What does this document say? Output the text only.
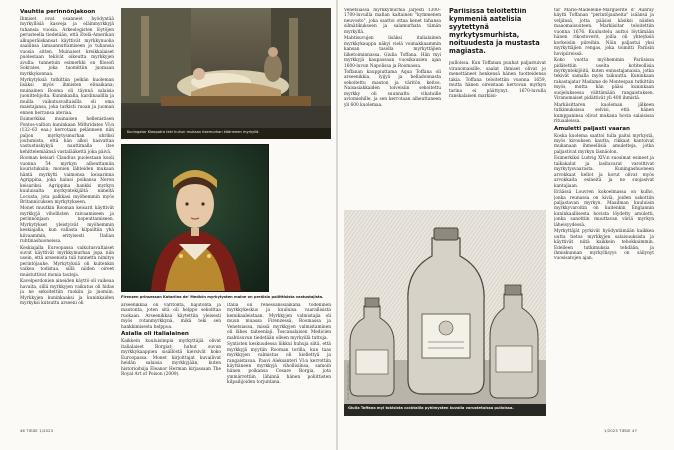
Vauhtia perinnönjakoon

Ihmiset ovat osanneet hyödyntää myrkyllisiä kasveja ja eläinmyrkkyjä tuhansia vuosia. Arkeologisten löytöjen perusteella tiedetään, että Etelä-Amerikan alkuperäiskansat käyttivät myrkkynuolia saaliinsa lamaannuttamiseen jo tuhansia vuosia sitten. Muinaiset kreikkalaiset puolestaan tekivät oikeutta myrkkyjen avulla: tunnetuin esimerkki on filosofi Sokrates, joka tuomittiin juomaan myrkkykonnaa.

Myrkytyksiä tutkittiin pelkän kuoleman lisäksi myös ihmisten elinaikana; muinainen Rooma oli täynnä salaisia juonittelijoita. Kuninkaalla, kardinaalilla ja muilla vaikutusvaltaisilla oli oma maistajansa, joka tarkisti ruoan ja juoman ennen herransa ateriaa.

Esimerkiksi muinaisen hellenistisen Pontos-valtion kuninkaan Mithridates VI:n (132–63 eaa.) kerrotaan pelänneen niin paljon myrkytysmurhan uhriksi joutumista, että hän alkoi kasvattaa vastustuskykyä nauttimalla itse kehittelemäänsä vastalääkettä joka päivä.

Rooman keisari Claudius puolestaan kuoli vuonna 54 myrkyn aiheuttamiin kouristuksiin; monien lähteiden mukaan häntä myrkytti vaimonsa keisarinna Agrippina, joka halusi poikansa Neron keisariksi. Agrippina hankki myrkyn kuuluisalta myrkyntekijältä nimeltä Locusta, jota palkkasi myöhemmin myös Britannicuksen myrkytykseen.

Monet muutkin Rooman keisarit käyttivät myrkkyjä vihollisten raivaamiseen ja perinnönjaon nopeuttamiseen. Myrkytykset yleistyivät myöhemmin keskiajalla, kun vallasta kilpailtiin yhä kiivaammin, erityisesti Italian ruhtinashuoneissa.

Keskiajalla Euroopassa vaikutusvaltaiset suvut käyttivät myrkkymurhaa jopa niin usein, että arseenista tuli tunnettu nimitys perintöjauhe. Myrkytyksiä oli kuitenkin vaikea todistaa, sillä niiden oireet muistuttivat monia tauteja.

Kavelperdonien aineiden käyttö oli vaikeaa havaita, sillä myrkkyjen vaikutus oli hidas ja ne sekoitettiin ruokiin ja juomiin. Myrkkyjen kuninkaaksi ja kuninkaiden myrkyksi kutsuttu arseeni oli

Kuningatar Kleopatra teki huhun mukaan itsemurhan käärmeen myrkyllä.
Firenzen prinsessan Katariina de' Medicin myrkytysten maine on peräisin poliittisista vastustajista.

arseenikkaa oli väritöntä, hajutonta ja mautonta, joten sitä oli helppo sekoittaa ruokaan. Arseenikkaa käytettiin yleisesti myös rotanmyrkkynä, mikä teki sen hankkimisesta helppoa.

Asialla oli italialainen

Kaikkein kuuluisimpia myrkyttäjiä olivat italialaiset Borgiat; huhut suvun myrkkykaappien sisällöstä kiersivät koko Euroopassa. Monet kirjoittajat kuvailivat heidän salaisia myrkkyjään, kuten historioitsija Eleanor Herman kirjassaan The Royal Art of Poison (2009).

Italia oli renessanssiaikana todellinen myrkkykeskus ja kuuluisa vaarallisista kemikaaleistaan. Myrkkyjen valmistajia oli muun muassa Firenzessä, Roomassa ja Venetsiassa, missä myrkkyjen valmistaminen oli lähes taiteenlaji. Toscanalaisen Medicien mahtisuvun tiedetään olleen myrkyillä tuttuja.

Syntisten keskuudessa liikkui huhuja siitä, että myrkkyjä myytiin Rooman torilla, kun taas myrkkyjen valmistus oli kiellettyä ja rangaistavaa. Paavi Aleksanteri VI:n kerrottiin käyttäneen myrkkyjä vihollisiinsa, samoin hänen poikansa Cesare Borgia, jota ymmärrettiin lähinnä hänen poliittisten kilpailijoiden torjuntana.

46 TIEDE 1/2023

Venetsiassa myrkkymurhia järjesti 1300–1700-luvuilla mafian kaltainen "kymmenen neuvosto", joka saattoi ottaa kenet tahansa silmätikukseen ja salamurhata tämän myrkyllä.

Mahtisuvujen lisäksi italialainen myrkkykauppa näkyi vielä voimakkaammin kansan tasolla myrkyttäjien liiketoiminnassa. Giulia Toffana. Hän myi myrkkyjä kaupassaan vuosikausien ajan 1600-luvun Napolissa ja Roomassa.

Toffanan kauppiuttama Aqua Toffana oli arseenikkia, lyijyä ja belladonnasta sekoitettu mauton ja väritön keitos. Naisasiakkaiden toiveisiin sekoitettu myrkky oli suunnattu vihatuille aviomiehille, ja sen kerrotaan aiheuttaneen yli 600 kuolemaa.

Pariisissa teloitettiin kymmeniä aatelisia syytettynä myrkytysmurhista, noituudesta ja mustasta magiasta.

pulloissa. Kun Toffanan puuhat paljastuivat viranomaisille, saalat ihmiset olivat jo menettäneet henkensä hänen tuotteidensa takia. Toffana teloitettiin vuonna 1659, mutta hänen oireistaan kertovan myrkyn tarina ei päättynyt. 1670-luvulla ranskalaisen markiisi-

tar Marie-Madeleine-Marguerite d' Aubray käytti Toffanan "perintöjauheita" isäänsä ja veljiinsä, jotta pääsisi käsiksi näiden maaomaisuuteen. Markiisitar teloitettiin vuonna 1676. Kuulustelu auttoi löytämään hänen rikostoverit, joilla oli yhteyksiä korkeisiin piireihin. Näin paljastui yksi myrkyttäjien rengas, joka toimitti Pariisin hovipiireissä.

Koko vuotta myöhemmin Pariisissa pidätettiin useita kotiteollisia myrkyntekijöitä, kuten ennustajanaisia, jotka tekivät samalla myös taikuutta. Kuninkaan rakastajatar Madame de Montespan tutkittiin myös, mutta hän pääsi kuninkaan suojeluksessa välttämään rangaistuksen. Viranomaiset pidättivät yli 400 ihmistä.

Markiisittaren kuoleman jälkeen tutkimuksissa selvisi, että hänen kumppaninsa olivat mukana hovin salaisissa rituaaleissa.

Amuletti paljasti vaaran

Koska kuolema saattoi tulla paitsi myrkystä, myös kirouksen kautta, rikkaat kantoivat mukanaan ihmeellisiä amuletteja, jotka paljastivat myrkyn läsnäolon.

Esimerkiksi Ludvig XIV:n suosimat esineet ja taikakalut ja lasitavarat varoittivat myrkytysvaarasta. Kuningashuoneen arvokkaat kellot ja korut olivat myös arvokkaita esineitä ja ne suojasivat kantajiaan.

Eräässä Louvren kokoelmassa on kulho, jonka reunassa on kiviä, joiden uskottiin paljastavan myrkyn. Maailman kuuluisin myrkkyvaroitin on kuitenkin Englannin kuninkaallisesta hovista löydetty amuletti, jonka sanottiin muuttavan väriä myrkyn läheisyydessä.

Myrkyttäjät pyrkivät hyödyntämään kaikkea uutta tietoa myrkkyjen salaisuuksista ja käyttivät niitä kaikkein tehokkaimmin. Edelleen tutkimuksia tehdään, ja ihmiskunnan myrkyllisyys on säilynyt vuosisatojen ajan.

Giulia Toffana myi tokisista cocktailia pyhimysten kuvalla varustetuissa pulloissa.
Kuvat: Wikimedia Commons
1/2023 TIEDE 47
